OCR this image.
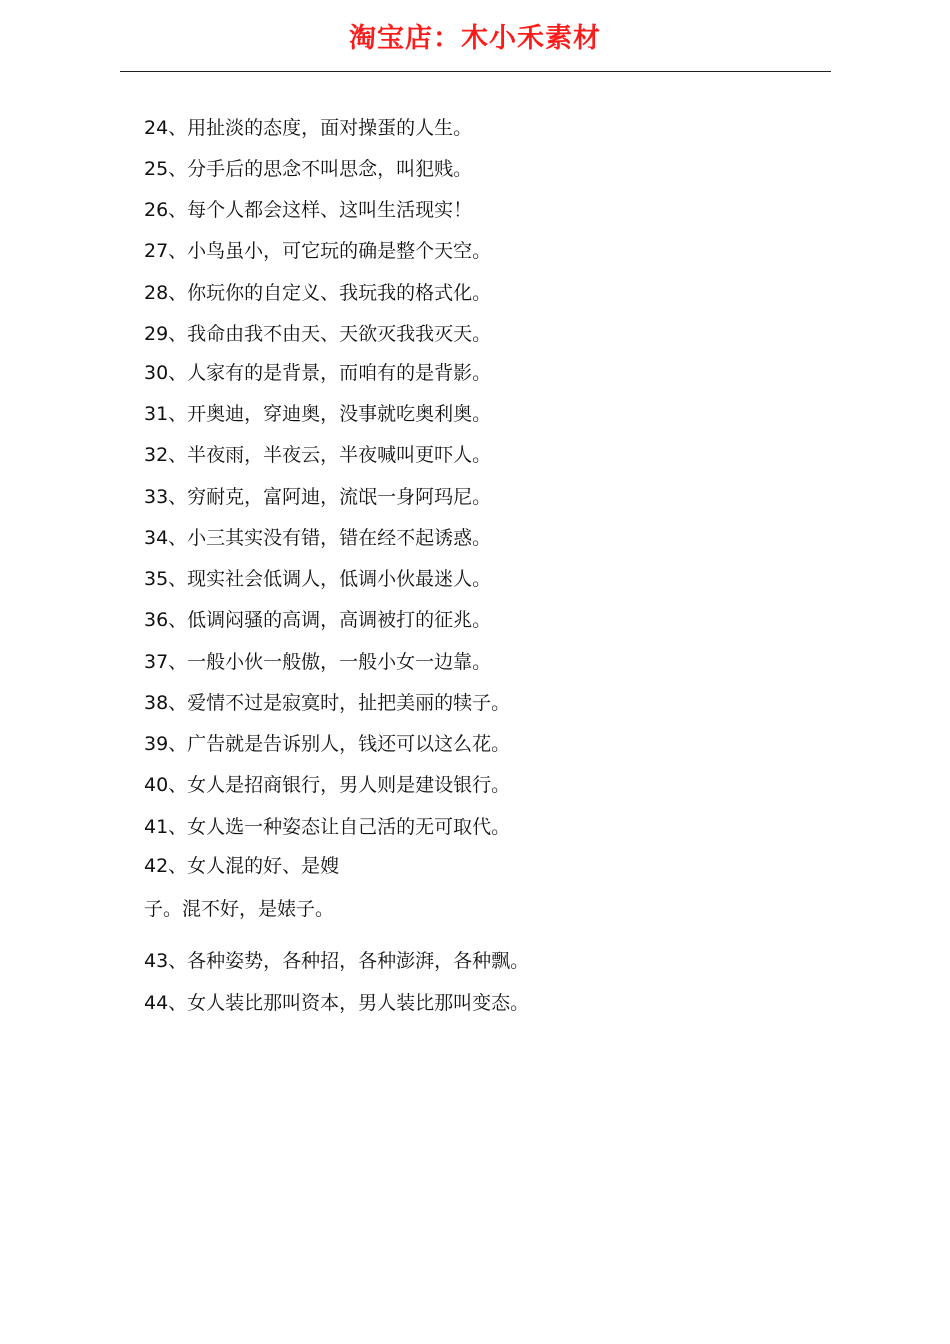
淘宝店：木小禾素材
24、用扯淡的态度，面对操蛋的人生。
25、分手后的思念不叫思念，叫犯贱。
26、每个人都会这样、这叫生活现实！
27、小鸟虽小，可它玩的确是整个天空。
28、你玩你的自定义、我玩我的格式化。
29、我命由我不由天、天欲灭我我灭天。
30、人家有的是背景，而咱有的是背影。
31、开奥迪，穿迪奥，没事就吃奥利奥。
32、半夜雨，半夜云，半夜喊叫更吓人。
33、穷耐克，富阿迪，流氓一身阿玛尼。
34、小三其实没有错，错在经不起诱惑。
35、现实社会低调人，低调小伙最迷人。
36、低调闷骚的高调，高调被打的征兆。
37、一般小伙一般傲，一般小女一边靠。
38、爱情不过是寂寞时，扯把美丽的犊子。
39、广告就是告诉别人，钱还可以这么花。
40、女人是招商银行，男人则是建设银行。
41、女人选一种姿态让自己活的无可取代。
42、女人混的好、是嫂
子。混不好，是婊子。
43、各种姿势，各种招，各种澎湃，各种飘。
44、女人装比那叫资本，男人装比那叫变态。
